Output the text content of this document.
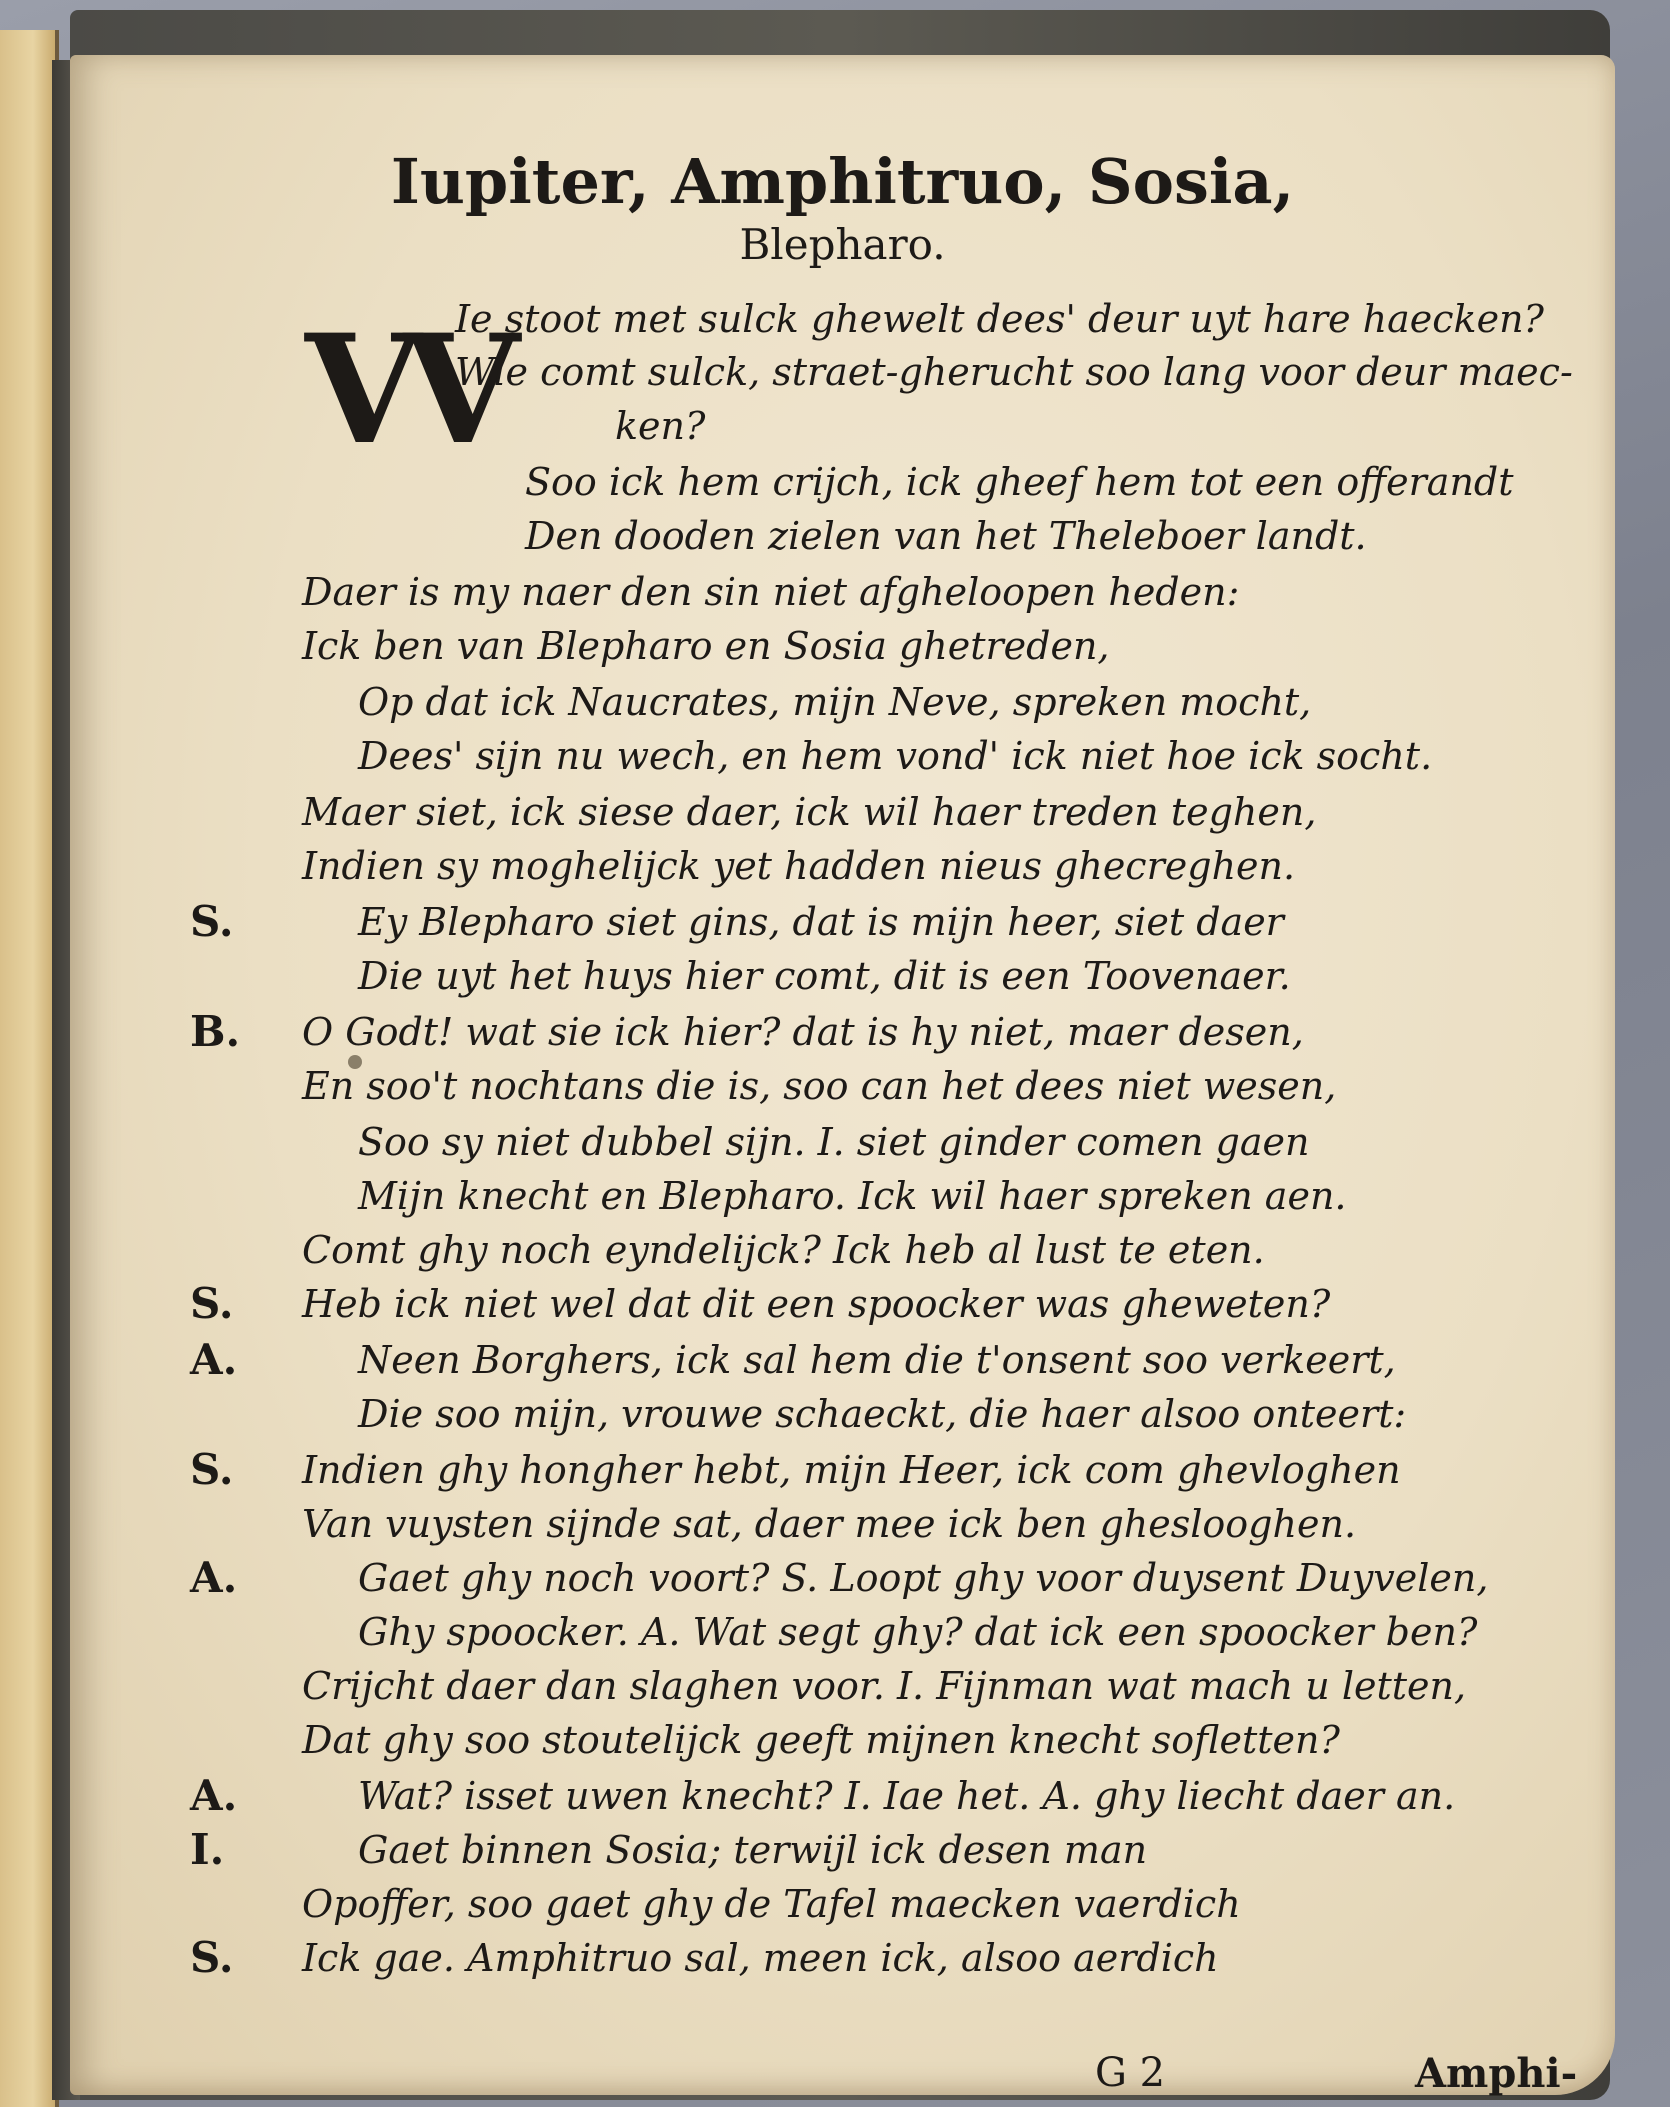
Iupiter, Amphitruo, Sosia,
Blepharo.
VV
Ie stoot met sulck ghewelt dees' deur uyt hare haecken?
Wie comt sulck, straet-gherucht soo lang voor deur maec-
ken?
Soo ick hem crijch, ick gheef hem tot een offerandt
Den dooden zielen van het Theleboer landt.
Daer is my naer den sin niet afgheloopen heden:
Ick ben van Blepharo en Sosia ghetreden,
Op dat ick Naucrates, mijn Neve, spreken mocht,
Dees' sijn nu wech, en hem vond' ick niet hoe ick socht.
Maer siet, ick siese daer, ick wil haer treden teghen,
Indien sy moghelijck yet hadden nieus ghecreghen.
S.	Ey Blepharo siet gins, dat is mijn heer, siet daer
Die uyt het huys hier comt, dit is een Toovenaer.
B. O Godt! wat sie ick hier? dat is hy niet, maer desen,
En soo't nochtans die is, soo can het dees niet wesen,
Soo sy niet dubbel sijn. I. siet ginder comen gaen
Mijn knecht en Blepharo. Ick wil haer spreken aen.
Comt ghy noch eyndelijck? Ick heb al lust te eten.
S. Heb ick niet wel dat dit een spoocker was gheweten?
A.	Neen Borghers, ick sal hem die t'onsent soo verkeert,
Die soo mijn, vrouwe schaeckt, die haer alsoo onteert:
S. Indien ghy hongher hebt, mijn Heer, ick com ghevloghen
Van vuysten sijnde sat, daer mee ick ben gheslooghen.
A.	Gaet ghy noch voort? S. Loopt ghy voor duysent Duyvelen,
Ghy spoocker. A. Wat segt ghy? dat ick een spoocker ben?
Crijcht daer dan slaghen voor. I. Fijnman wat mach u letten,
Dat ghy soo stoutelijck geeft mijnen knecht sofletten?
A.	Wat? isset uwen knecht? I. Iae het. A. ghy liecht daer an.
I.	Gaet binnen Sosia; terwijl ick desen man
Opoffer, soo gaet ghy de Tafel maecken vaerdich
S. Ick gae. Amphitruo sal, meen ick, alsoo aerdich
G 2	Amphi-
